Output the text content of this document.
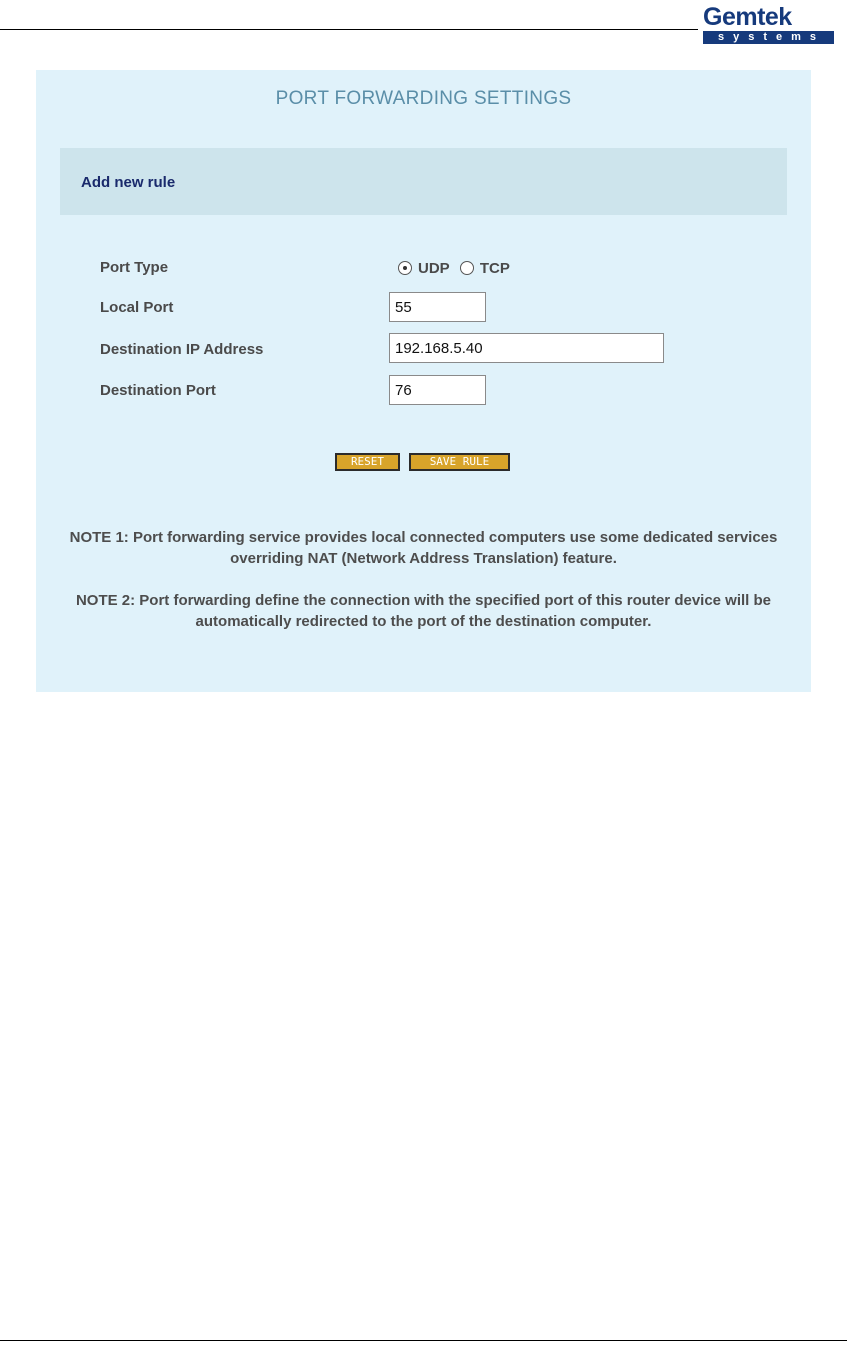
Gemtek
systems
PORT FORWARDING SETTINGS
Add new rule
Port Type	UDP TCP
Local Port
55
Destination IP Address
192.168.5.40
Destination Port
76
RESET	SAVE RULE
NOTE 1: Port forwarding service provides local connected computers use some dedicated services overriding NAT (Network Address Translation) feature.
NOTE 2: Port forwarding define the connection with the specified port of this router device will be automatically redirected to the port of the destination computer.
